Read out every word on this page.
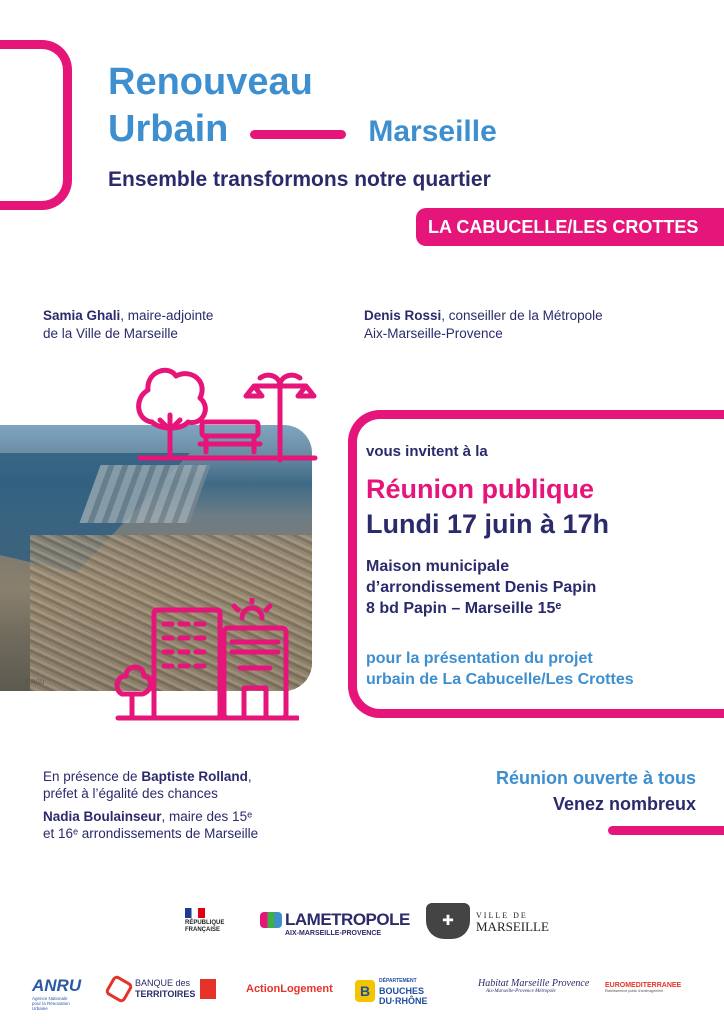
Renouveau
Urbain	Marseille
Ensemble transformons notre quartier
LA CABUCELLE/LES CROTTES
Samia Ghali, maire-adjointe
de la Ville de Marseille
Denis Rossi, conseiller de la Métropole
Aix-Marseille-Provence
© RGU
vous invitent à la
Réunion publique
Lundi 17 juin à 17h
Maison municipale
d’arrondissement Denis Papin
8 bd Papin – Marseille 15ᵉ
pour la présentation du projet
urbain de La Cabucelle/Les Crottes

En présence de Baptiste Rolland,
préfet à l’égalité des chances

Nadia Boulainseur, maire des 15ᵉ
et 16ᵉ arrondissements de Marseille

Réunion ouverte à tous
Venez nombreux
RÉPUBLIQUE
FRANÇAISE
LAMETROPOLE
AIX-MARSEILLE-PROVENCE
✚	VILLE DE
MARSEILLE
ANRU
Agence Nationale pour la Rénovation Urbaine
BANQUE des
TERRITOIRES	ActionLogement	B
DÉPARTEMENT
BOUCHES
DU·RHÔNE
Habitat Marseille Provence
Aix-Marseille-Provence Métropole
EUROMEDITERRANEE
Établissement public d'aménagement
